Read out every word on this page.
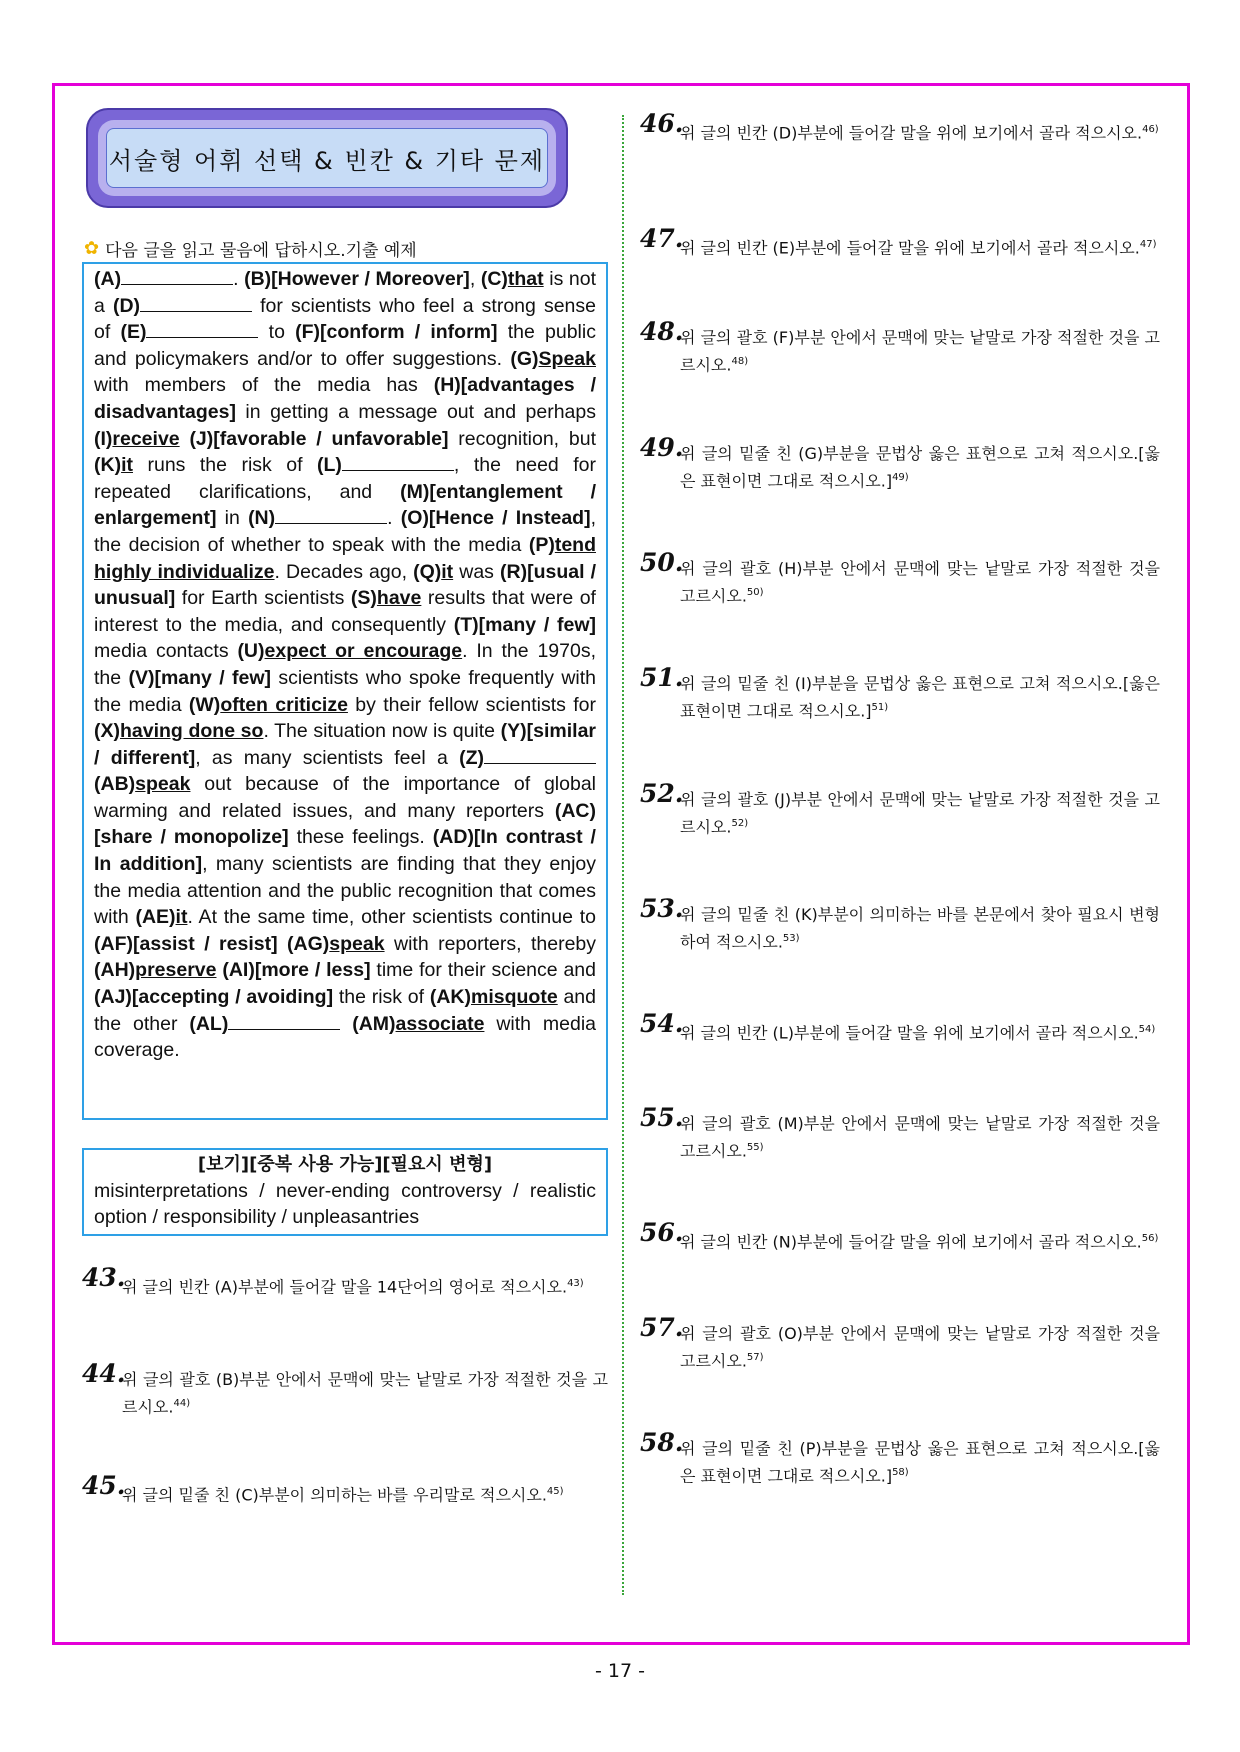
서술형 어휘 선택 & 빈칸 & 기타 문제
✿ 다음 글을 읽고 물음에 답하시오.기출 예제
(A)	. (B)[However / Moreover], (C)that is not a (D)	for scientists who feel a strong sense of (E)	to (F)[conform / inform] the public and policymakers and/or to offer suggestions. (G)Speak with members of the media has (H)[advantages / disadvantages] in getting a message out and perhaps (I)receive (J)[favorable / unfavorable] recognition, but (K)it runs the risk of (L)	, the need for repeated clarifications, and (M)[entanglement / enlargement] in (N)	. (O)[Hence / Instead], the decision of whether to speak with the media (P)tend highly individualize. Decades ago, (Q)it was (R)[usual / unusual] for Earth scientists (S)have results that were of interest to the media, and consequently (T)[many / few] media contacts (U)expect or encourage. In the 1970s, the (V)[many / few] scientists who spoke frequently with the media (W)often criticize by their fellow scientists for (X)having done so. The situation now is quite (Y)[similar / different], as many scientists feel a (Z) (AB)speak out because of the importance of global warming and related issues, and many reporters (AC)[share / monopolize] these feelings. (AD)[In contrast / In addition], many scientists are finding that they enjoy the media attention and the public recognition that comes with (AE)it. At the same time, other scientists continue to (AF)[assist / resist] (AG)speak with reporters, thereby (AH)preserve (AI)[more / less] time for their science and (AJ)[accepting / avoiding] the risk of (AK)misquote and the other (AL)	(AM)associate with media coverage.
[보기][중복 사용 가능][필요시 변형]
misinterpretations / never-ending controversy / realistic option / responsibility / unpleasantries
43.
위 글의 빈칸 (A)부분에 들어갈 말을 14단어의 영어로 적으시오.$^{43)}$
44.
위 글의 괄호 (B)부분 안에서 문맥에 맞는 낱말로 가장 적절한 것을 고르시오.$^{44)}$
45.
위 글의 밑줄 친 (C)부분이 의미하는 바를 우리말로 적으시오.$^{45)}$
46.
위 글의 빈칸 (D)부분에 들어갈 말을 위에 보기에서 골라 적으시오.$^{46)}$
47.
위 글의 빈칸 (E)부분에 들어갈 말을 위에 보기에서 골라 적으시오.$^{47)}$
48.
위 글의 괄호 (F)부분 안에서 문맥에 맞는 낱말로 가장 적절한 것을 고르시오.$^{48)}$
49.
위 글의 밑줄 친 (G)부분을 문법상 옳은 표현으로 고쳐 적으시오.[옳은 표현이면 그대로 적으시오.]$^{49)}$
50.
위 글의 괄호 (H)부분 안에서 문맥에 맞는 낱말로 가장 적절한 것을 고르시오.$^{50)}$
51.
위 글의 밑줄 친 (I)부분을 문법상 옳은 표현으로 고쳐 적으시오.[옳은 표현이면 그대로 적으시오.]$^{51)}$
52.
위 글의 괄호 (J)부분 안에서 문맥에 맞는 낱말로 가장 적절한 것을 고르시오.$^{52)}$
53.
위 글의 밑줄 친 (K)부분이 의미하는 바를 본문에서 찾아 필요시 변형하여 적으시오.$^{53)}$
54.
위 글의 빈칸 (L)부분에 들어갈 말을 위에 보기에서 골라 적으시오.$^{54)}$
55.
위 글의 괄호 (M)부분 안에서 문맥에 맞는 낱말로 가장 적절한 것을 고르시오.$^{55)}$
56.
위 글의 빈칸 (N)부분에 들어갈 말을 위에 보기에서 골라 적으시오.$^{56)}$
57.
위 글의 괄호 (O)부분 안에서 문맥에 맞는 낱말로 가장 적절한 것을 고르시오.$^{57)}$
58.
위 글의 밑줄 친 (P)부분을 문법상 옳은 표현으로 고쳐 적으시오.[옳은 표현이면 그대로 적으시오.]$^{58)}$
- 17 -
